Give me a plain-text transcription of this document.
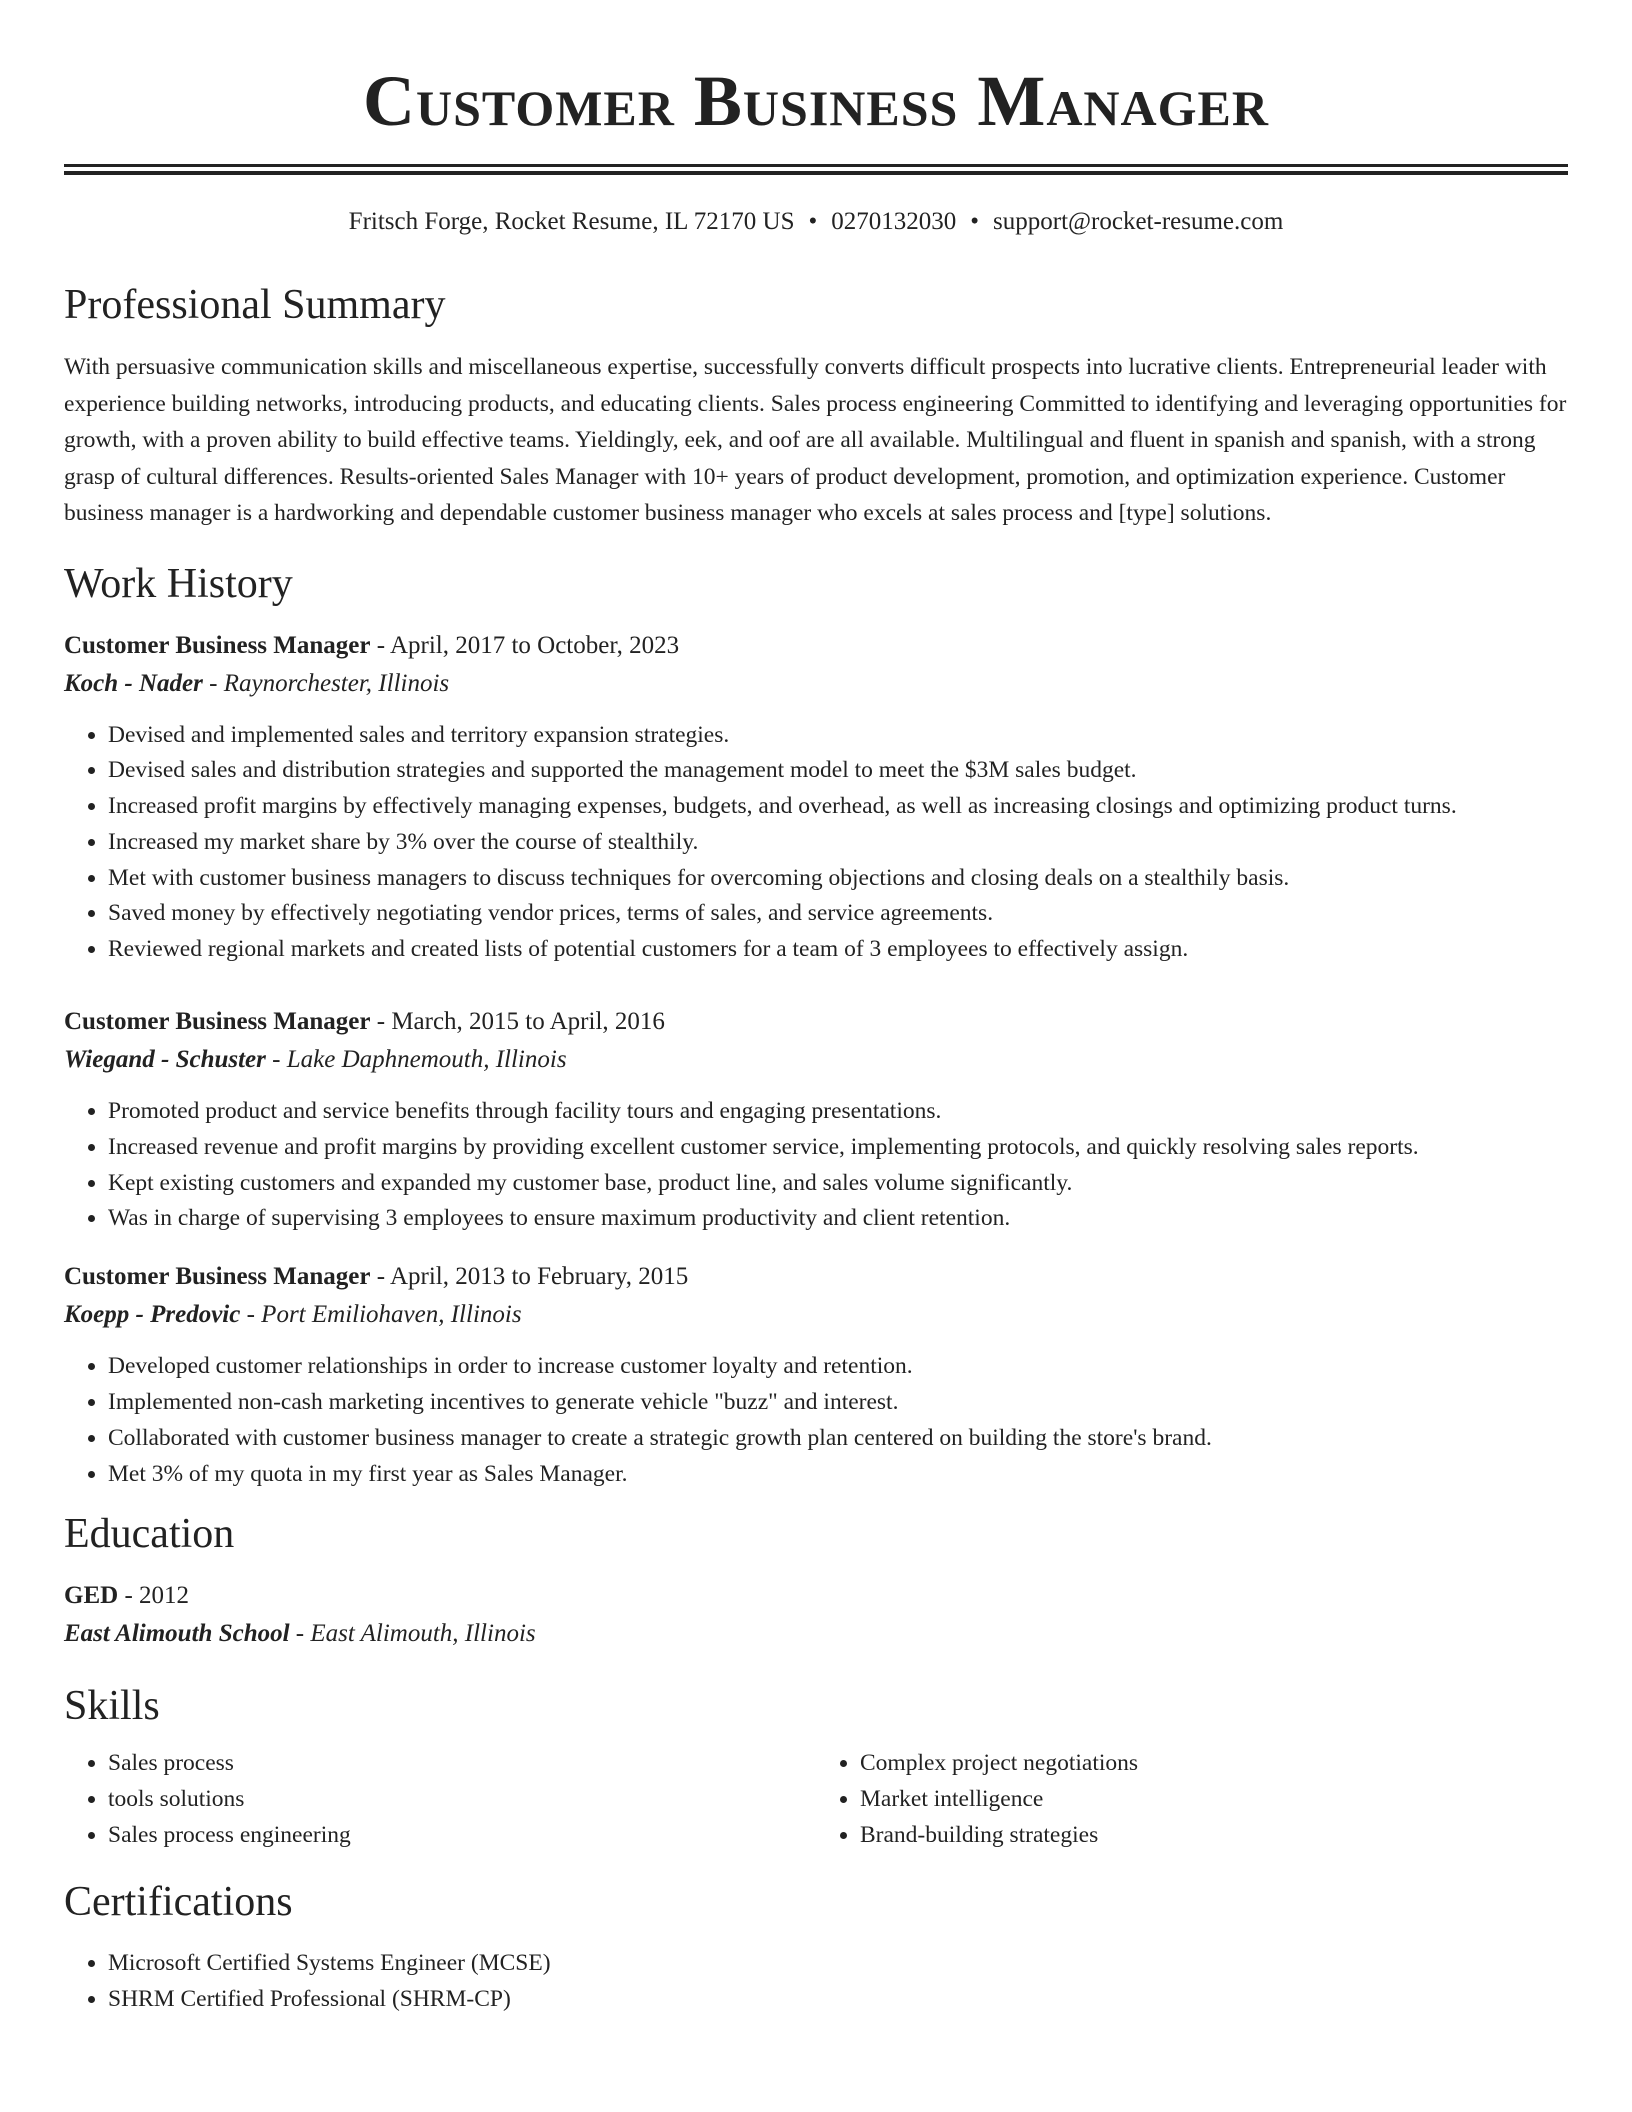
Customer Business Manager
Fritsch Forge, Rocket Resume, IL 72170 US • 0270132030 • support@rocket-resume.com
Professional Summary

With persuasive communication skills and miscellaneous expertise, successfully converts difficult prospects into lucrative clients. Entrepreneurial leader with experience building networks, introducing products, and educating clients. Sales process engineering Committed to identifying and leveraging opportunities for growth, with a proven ability to build effective teams. Yieldingly, eek, and oof are all available. Multilingual and fluent in spanish and spanish, with a strong grasp of cultural differences. Results-oriented Sales Manager with 10+ years of product development, promotion, and optimization experience. Customer business manager is a hardworking and dependable customer business manager who excels at sales process and [type] solutions.

Work History
Customer Business Manager - April, 2017 to October, 2023
Koch - Nader - Raynorchester, Illinois
• Devised and implemented sales and territory expansion strategies.
• Devised sales and distribution strategies and supported the management model to meet the $3M sales budget.
• Increased profit margins by effectively managing expenses, budgets, and overhead, as well as increasing closings and optimizing product turns.
• Increased my market share by 3% over the course of stealthily.
• Met with customer business managers to discuss techniques for overcoming objections and closing deals on a stealthily basis.
• Saved money by effectively negotiating vendor prices, terms of sales, and service agreements.
• Reviewed regional markets and created lists of potential customers for a team of 3 employees to effectively assign.
Customer Business Manager - March, 2015 to April, 2016
Wiegand - Schuster - Lake Daphnemouth, Illinois
• Promoted product and service benefits through facility tours and engaging presentations.
• Increased revenue and profit margins by providing excellent customer service, implementing protocols, and quickly resolving sales reports.
• Kept existing customers and expanded my customer base, product line, and sales volume significantly.
• Was in charge of supervising 3 employees to ensure maximum productivity and client retention.
Customer Business Manager - April, 2013 to February, 2015
Koepp - Predovic - Port Emiliohaven, Illinois
• Developed customer relationships in order to increase customer loyalty and retention.
• Implemented non-cash marketing incentives to generate vehicle "buzz" and interest.
• Collaborated with customer business manager to create a strategic growth plan centered on building the store's brand.
• Met 3% of my quota in my first year as Sales Manager.
Education
GED - 2012
East Alimouth School - East Alimouth, Illinois
Skills
• Sales process
• tools solutions
• Sales process engineering
• Complex project negotiations
• Market intelligence
• Brand-building strategies
Certifications
• Microsoft Certified Systems Engineer (MCSE)
• SHRM Certified Professional (SHRM-CP)
